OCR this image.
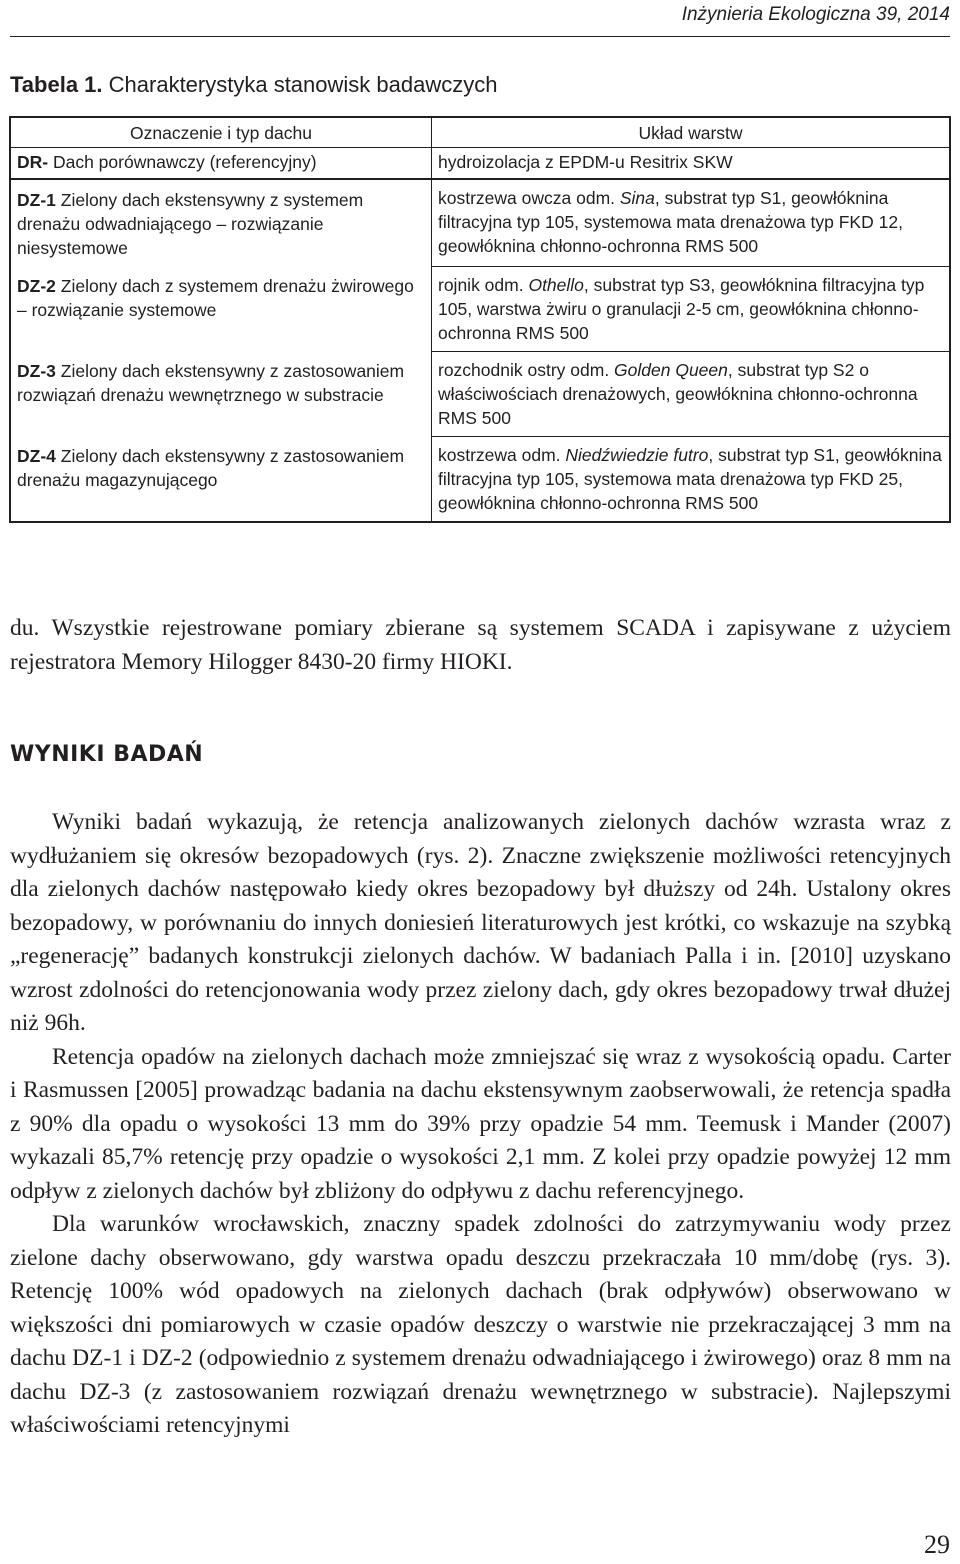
Inżynieria Ekologiczna 39, 2014
Tabela 1. Charakterystyka stanowisk badawczych
Oznaczenie i typ dachu	Układ warstw
DR- Dach porównawczy (referencyjny)	hydroizolacja z EPDM-u Resitrix SKW
DZ-1 Zielony dach ekstensywny z systemem drenażu odwadniającego – rozwiązanie niesystemowe	kostrzewa owcza odm. Sina, substrat typ S1, geowłóknina filtracyjna typ 105, systemowa mata drenażowa typ FKD 12, geowłóknina chłonno-ochronna RMS 500
DZ-2 Zielony dach z systemem drenażu żwirowego – rozwiązanie systemowe	rojnik odm. Othello, substrat typ S3, geowłóknina filtracyjna typ 105, warstwa żwiru o granulacji 2-5 cm, geowłóknina chłonno-ochronna RMS 500
DZ-3 Zielony dach ekstensywny z zastosowaniem rozwiązań drenażu wewnętrznego w substracie	rozchodnik ostry odm. Golden Queen, substrat typ S2 o właściwościach drenażowych, geowłóknina chłonno-ochronna RMS 500
DZ-4 Zielony dach ekstensywny z zastosowaniem drenażu magazynującego	kostrzewa odm. Niedźwiedzie futro, substrat typ S1, geowłóknina filtracyjna typ 105, systemowa mata drenażowa typ FKD 25, geowłóknina chłonno-ochronna RMS 500

du. Wszystkie rejestrowane pomiary zbierane są systemem SCADA i zapisywane z użyciem rejestratora Memory Hilogger 8430-20 firmy HIOKI.

WYNIKI BADAŃ

Wyniki badań wykazują, że retencja analizowanych zielonych dachów wzrasta wraz z wydłużaniem się okresów bezopadowych (rys. 2). Znaczne zwiększenie możliwości retencyjnych dla zielonych dachów następowało kiedy okres bezopadowy był dłuższy od 24h. Ustalony okres bezopadowy, w porównaniu do innych doniesień literaturowych jest krótki, co wskazuje na szybką „regenerację” badanych konstrukcji zielonych dachów. W badaniach Palla i in. [2010] uzyskano wzrost zdolności do retencjonowania wody przez zielony dach, gdy okres bezopadowy trwał dłużej niż 96h.

Retencja opadów na zielonych dachach może zmniejszać się wraz z wysokością opadu. Carter i Rasmussen [2005] prowadząc badania na dachu ekstensywnym zaobserwowali, że retencja spadła z 90% dla opadu o wysokości 13 mm do 39% przy opadzie 54 mm. Teemusk i Mander (2007) wykazali 85,7% retencję przy opadzie o wysokości 2,1 mm. Z kolei przy opadzie powyżej 12 mm odpływ z zielonych dachów był zbliżony do odpływu z dachu referencyjnego.

Dla warunków wrocławskich, znaczny spadek zdolności do zatrzymywaniu wody przez zielone dachy obserwowano, gdy warstwa opadu deszczu przekraczała 10 mm/dobę (rys. 3). Retencję 100% wód opadowych na zielonych dachach (brak odpływów) obserwowano w większości dni pomiarowych w czasie opadów deszczy o warstwie nie przekraczającej 3 mm na dachu DZ-1 i DZ-2 (odpowiednio z systemem drenażu odwadniającego i żwirowego) oraz 8 mm na dachu DZ-3 (z zastosowaniem rozwiązań drenażu wewnętrznego w substracie). Najlepszymi właściwościami retencyjnymi

29
